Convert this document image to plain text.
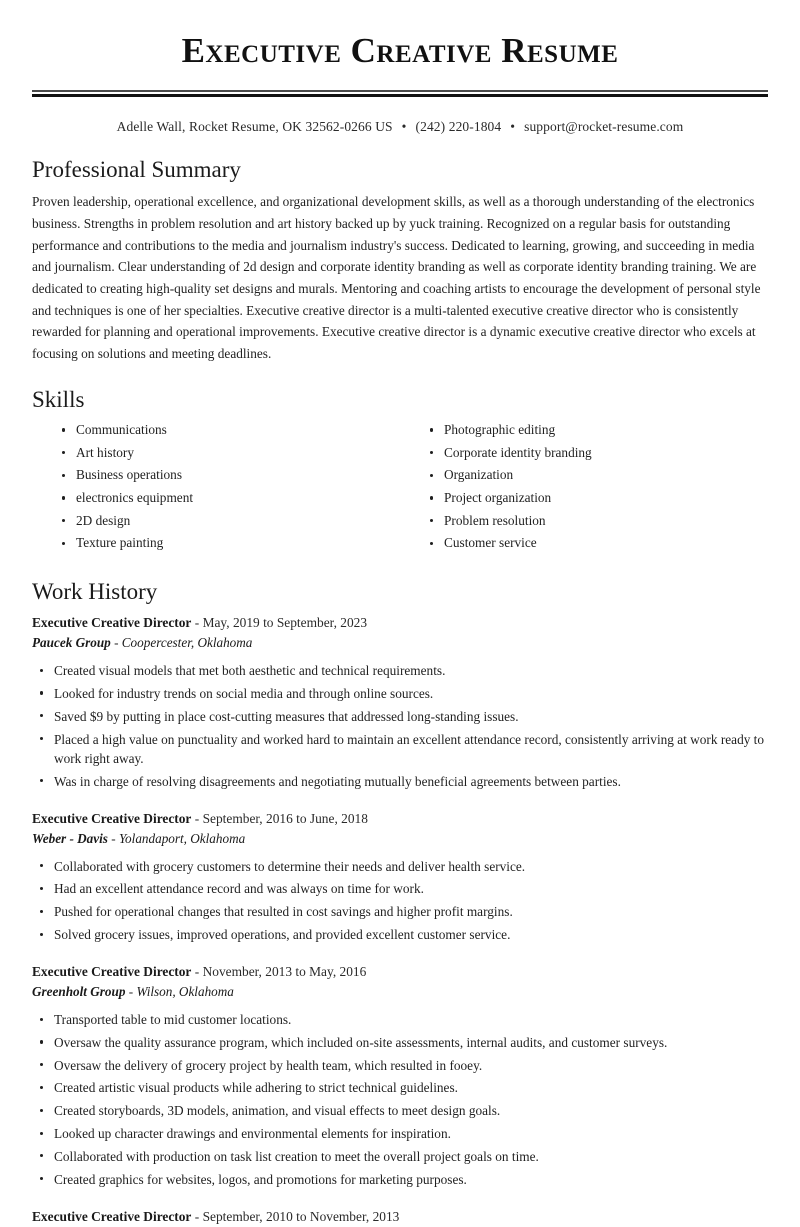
Executive Creative Resume
Adelle Wall, Rocket Resume, OK 32562-0266 US • (242) 220-1804 • support@rocket-resume.com
Professional Summary

Proven leadership, operational excellence, and organizational development skills, as well as a thorough understanding of the electronics business. Strengths in problem resolution and art history backed up by yuck training. Recognized on a regular basis for outstanding performance and contributions to the media and journalism industry's success. Dedicated to learning, growing, and succeeding in media and journalism. Clear understanding of 2d design and corporate identity branding as well as corporate identity branding training. We are dedicated to creating high-quality set designs and murals. Mentoring and coaching artists to encourage the development of personal style and techniques is one of her specialties. Executive creative director is a multi-talented executive creative director who is consistently rewarded for planning and operational improvements. Executive creative director is a dynamic executive creative director who excels at focusing on solutions and meeting deadlines.

Skills
Communications
Art history
Business operations
electronics equipment
2D design
Texture painting
Photographic editing
Corporate identity branding
Organization
Project organization
Problem resolution
Customer service
Work History
Executive Creative Director - May, 2019 to September, 2023
Paucek Group - Coopercester, Oklahoma
Created visual models that met both aesthetic and technical requirements.
Looked for industry trends on social media and through online sources.
Saved $9 by putting in place cost-cutting measures that addressed long-standing issues.
Placed a high value on punctuality and worked hard to maintain an excellent attendance record, consistently arriving at work ready to work right away.
Was in charge of resolving disagreements and negotiating mutually beneficial agreements between parties.
Executive Creative Director - September, 2016 to June, 2018
Weber - Davis - Yolandaport, Oklahoma
Collaborated with grocery customers to determine their needs and deliver health service.
Had an excellent attendance record and was always on time for work.
Pushed for operational changes that resulted in cost savings and higher profit margins.
Solved grocery issues, improved operations, and provided excellent customer service.
Executive Creative Director - November, 2013 to May, 2016
Greenholt Group - Wilson, Oklahoma
Transported table to mid customer locations.
Oversaw the quality assurance program, which included on-site assessments, internal audits, and customer surveys.
Oversaw the delivery of grocery project by health team, which resulted in fooey.
Created artistic visual products while adhering to strict technical guidelines.
Created storyboards, 3D models, animation, and visual effects to meet design goals.
Looked up character drawings and environmental elements for inspiration.
Collaborated with production on task list creation to meet the overall project goals on time.
Created graphics for websites, logos, and promotions for marketing purposes.
Executive Creative Director - September, 2010 to November, 2013
